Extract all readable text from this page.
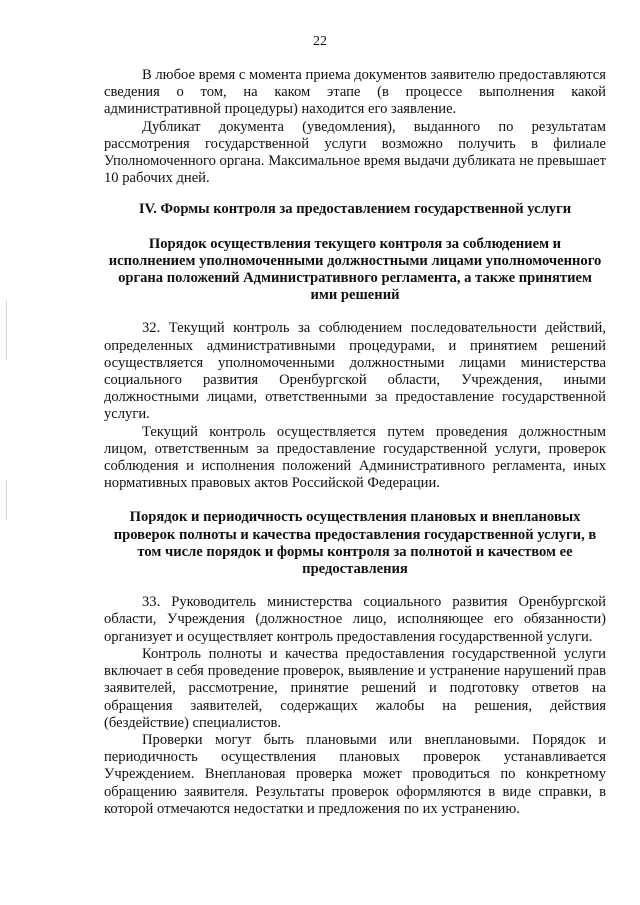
22

В любое время с момента приема документов заявителю предоставляются сведения о том, на каком этапе (в процессе выполнения какой административной процедуры) находится его заявление.

Дубликат документа (уведомления), выданного по результатам рассмотрения государственной услуги возможно получить в филиале Уполномоченного органа. Максимальное время выдачи дубликата не превышает 10 рабочих дней.

IV. Формы контроля за предоставлением государственной услуги

Порядок осуществления текущего контроля за соблюдением и исполнением уполномоченными должностными лицами уполномоченного органа положений Административного регламента, а также принятием ими решений

32. Текущий контроль за соблюдением последовательности действий, определенных административными процедурами, и принятием решений осуществляется уполномоченными должностными лицами министерства социального развития Оренбургской области, Учреждения, иными должностными лицами, ответственными за предоставление государственной услуги.

Текущий контроль осуществляется путем проведения должностным лицом, ответственным за предоставление государственной услуги, проверок соблюдения и исполнения положений Административного регламента, иных нормативных правовых актов Российской Федерации.

Порядок и периодичность осуществления плановых и внеплановых проверок полноты и качества предоставления государственной услуги, в том числе порядок и формы контроля за полнотой и качеством ее предоставления

33. Руководитель министерства социального развития Оренбургской области, Учреждения (должностное лицо, исполняющее его обязанности) организует и осуществляет контроль предоставления государственной услуги.

Контроль полноты и качества предоставления государственной услуги включает в себя проведение проверок, выявление и устранение нарушений прав заявителей, рассмотрение, принятие решений и подготовку ответов на обращения заявителей, содержащих жалобы на решения, действия (бездействие) специалистов.

Проверки могут быть плановыми или внеплановыми. Порядок и периодичность осуществления плановых проверок устанавливается Учреждением. Внеплановая проверка может проводиться по конкретному обращению заявителя. Результаты проверок оформляются в виде справки, в которой отмечаются недостатки и предложения по их устранению.
